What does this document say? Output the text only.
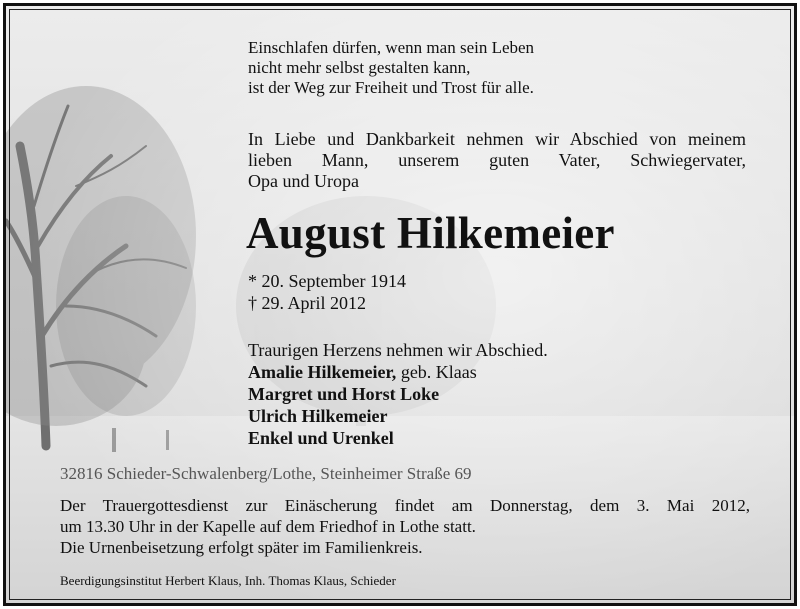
Einschlafen dürfen, wenn man sein Leben
nicht mehr selbst gestalten kann,
ist der Weg zur Freiheit und Trost für alle.
In Liebe und Dankbarkeit nehmen wir Abschied von meinem
lieben Mann, unserem guten Vater, Schwiegervater,
Opa und Uropa
August Hilkemeier
* 20. September 1914
† 29. April 2012
Traurigen Herzens nehmen wir Abschied.
Amalie Hilkemeier, geb. Klaas
Margret und Horst Loke
Ulrich Hilkemeier
Enkel und Urenkel
32816 Schieder-Schwalenberg/Lothe, Steinheimer Straße 69
Der Trauergottesdienst zur Einäscherung findet am Donnerstag, dem 3. Mai 2012,
um 13.30 Uhr in der Kapelle auf dem Friedhof in Lothe statt.
Die Urnenbeisetzung erfolgt später im Familienkreis.
Beerdigungsinstitut Herbert Klaus, Inh. Thomas Klaus, Schieder
